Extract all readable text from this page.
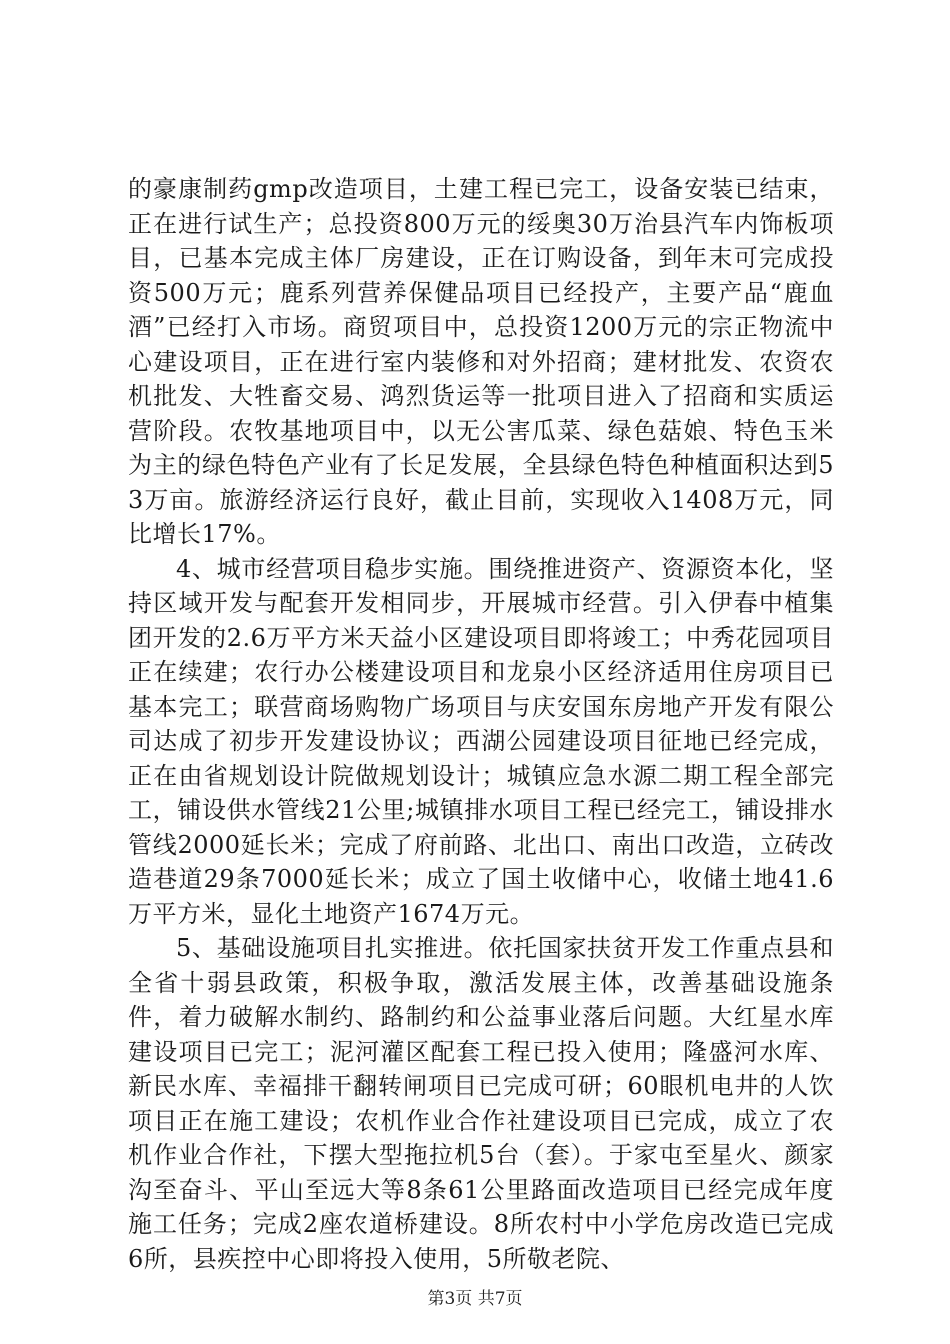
的豪康制药gmp改造项目，土建工程已完工，设备安装已结束，正在进行试生产；总投资800万元的绥奥30万治县汽车内饰板项目，已基本完成主体厂房建设，正在订购设备，到年末可完成投资500万元；鹿系列营养保健品项目已经投产，主要产品“鹿血酒”已经打入市场。商贸项目中，总投资1200万元的宗正物流中心建设项目，正在进行室内装修和对外招商；建材批发、农资农机批发、大牲畜交易、鸿烈货运等一批项目进入了招商和实质运营阶段。农牧基地项目中，以无公害瓜菜、绿色菇娘、特色玉米为主的绿色特色产业有了长足发展，全县绿色特色种植面积达到53万亩。旅游经济运行良好，截止目前，实现收入1408万元，同比增长17%。

4、城市经营项目稳步实施。围绕推进资产、资源资本化，坚持区域开发与配套开发相同步，开展城市经营。引入伊春中植集团开发的2.6万平方米天益小区建设项目即将竣工；中秀花园项目正在续建；农行办公楼建设项目和龙泉小区经济适用住房项目已基本完工；联营商场购物广场项目与庆安国东房地产开发有限公司达成了初步开发建设协议；西湖公园建设项目征地已经完成，正在由省规划设计院做规划设计；城镇应急水源二期工程全部完工，铺设供水管线21公里;城镇排水项目工程已经完工，铺设排水管线2000延长米；完成了府前路、北出口、南出口改造，立砖改造巷道29条7000延长米；成立了国土收储中心，收储土地41.6万平方米，显化土地资产1674万元。

5、基础设施项目扎实推进。依托国家扶贫开发工作重点县和全省十弱县政策，积极争取，激活发展主体，改善基础设施条件，着力破解水制约、路制约和公益事业落后问题。大红星水库建设项目已完工；泥河灌区配套工程已投入使用；隆盛河水库、新民水库、幸福排干翻转闸项目已完成可研；60眼机电井的人饮项目正在施工建设；农机作业合作社建设项目已完成，成立了农机作业合作社，下摆大型拖拉机5台（套）。于家屯至星火、颜家沟至奋斗、平山至远大等8条61公里路面改造项目已经完成年度施工任务；完成2座农道桥建设。8所农村中小学危房改造已完成6所，县疾控中心即将投入使用，5所敬老院、

第3页 共7页
